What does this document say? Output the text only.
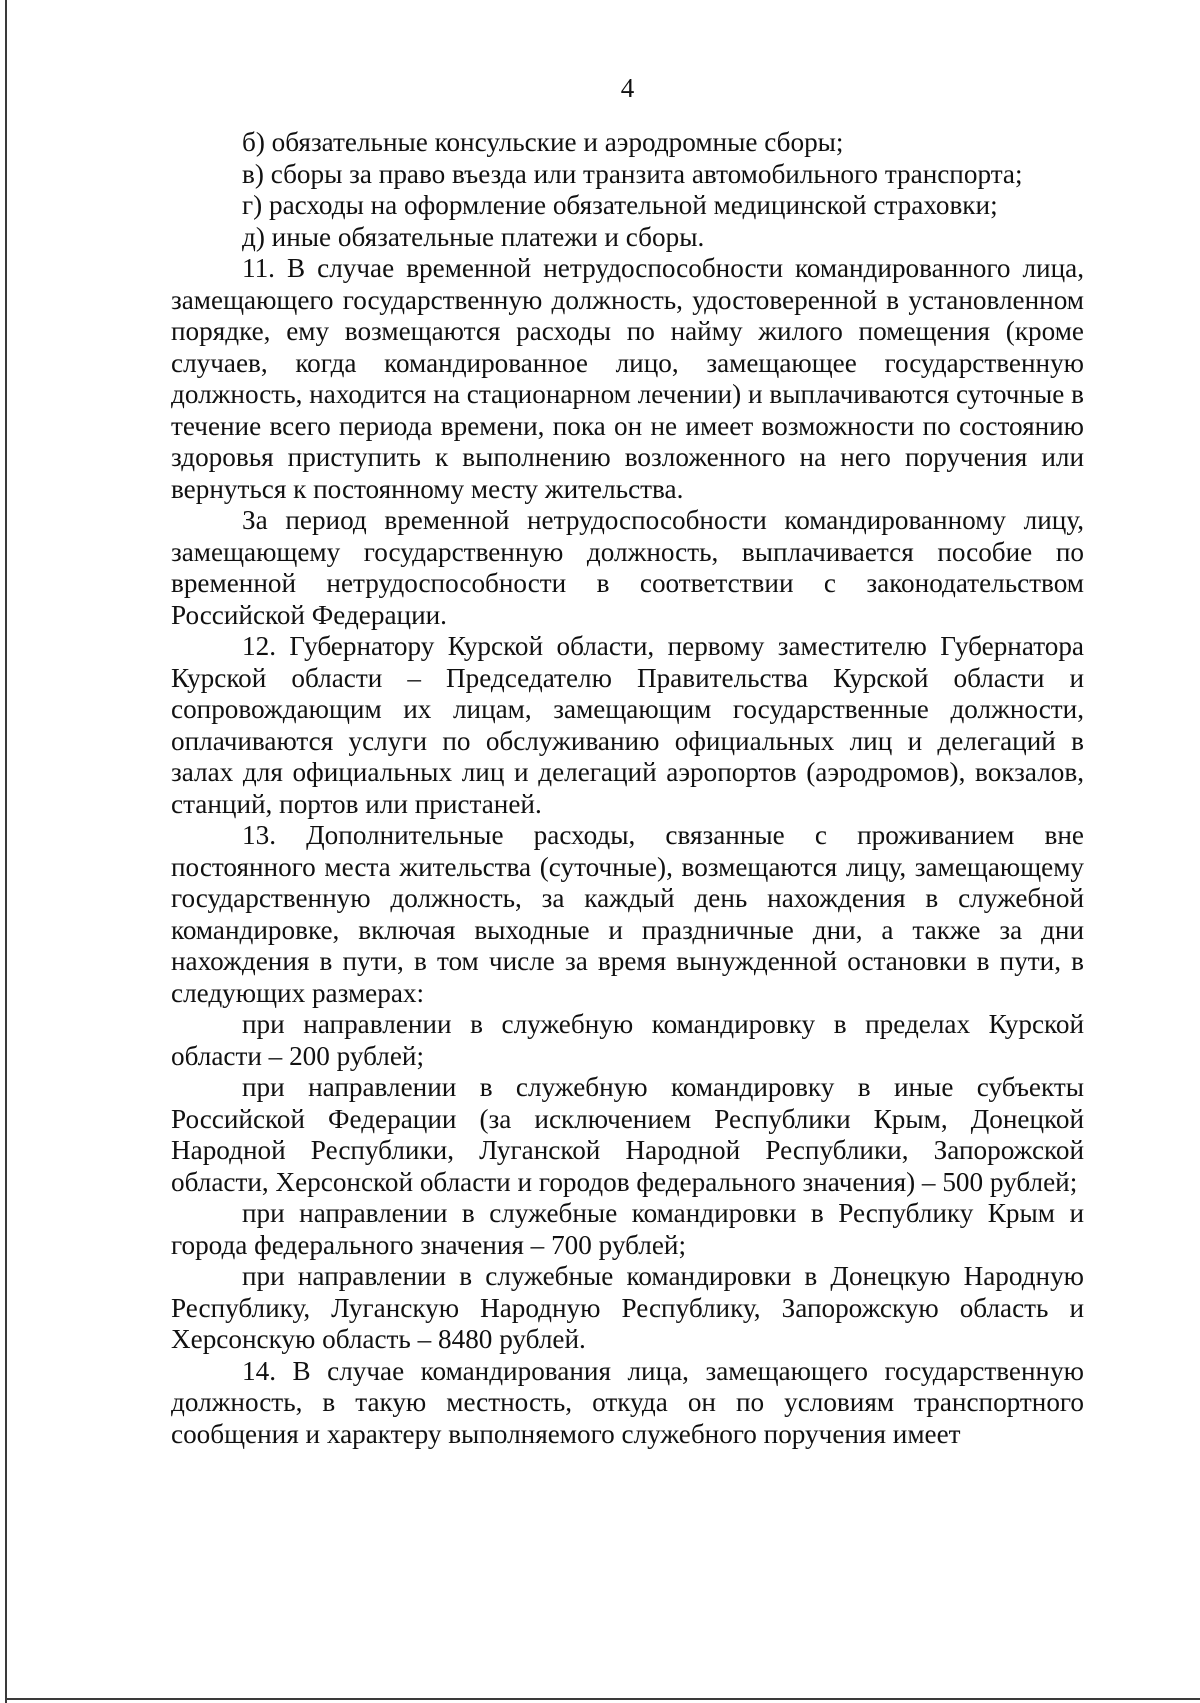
4

б) обязательные консульские и аэродромные сборы;

в) сборы за право въезда или транзита автомобильного транспорта;

г) расходы на оформление обязательной медицинской страховки;

д) иные обязательные платежи и сборы.

11. В случае временной нетрудоспособности командированного лица, замещающего государственную должность, удостоверенной в установленном порядке, ему возмещаются расходы по найму жилого помещения (кроме случаев, когда командированное лицо, замещающее государственную должность, находится на стационарном лечении) и выплачиваются суточные в течение всего периода времени, пока он не имеет возможности по состоянию здоровья приступить к выполнению возложенного на него поручения или вернуться к постоянному месту жительства.

За период временной нетрудоспособности командированному лицу, замещающему государственную должность, выплачивается пособие по временной нетрудоспособности в соответствии с законодательством Российской Федерации.

12. Губернатору Курской области, первому заместителю Губернатора Курской области – Председателю Правительства Курской области и сопровождающим их лицам, замещающим государственные должности, оплачиваются услуги по обслуживанию официальных лиц и делегаций в залах для официальных лиц и делегаций аэропортов (аэродромов), вокзалов, станций, портов или пристаней.

13. Дополнительные расходы, связанные с проживанием вне постоянного места жительства (суточные), возмещаются лицу, замещающему государственную должность, за каждый день нахождения в служебной командировке, включая выходные и праздничные дни, а также за дни нахождения в пути, в том числе за время вынужденной остановки в пути, в следующих размерах:

при направлении в служебную командировку в пределах Курской области – 200 рублей;

при направлении в служебную командировку в иные субъекты Российской Федерации (за исключением Республики Крым, Донецкой Народной Республики, Луганской Народной Республики, Запорожской области, Херсонской области и городов федерального значения) – 500 рублей;

при направлении в служебные командировки в Республику Крым и города федерального значения – 700 рублей;

при направлении в служебные командировки в Донецкую Народную Республику, Луганскую Народную Республику, Запорожскую область и Херсонскую область – 8480 рублей.

14. В случае командирования лица, замещающего государственную должность, в такую местность, откуда он по условиям транспортного сообщения и характеру выполняемого служебного поручения имеет
